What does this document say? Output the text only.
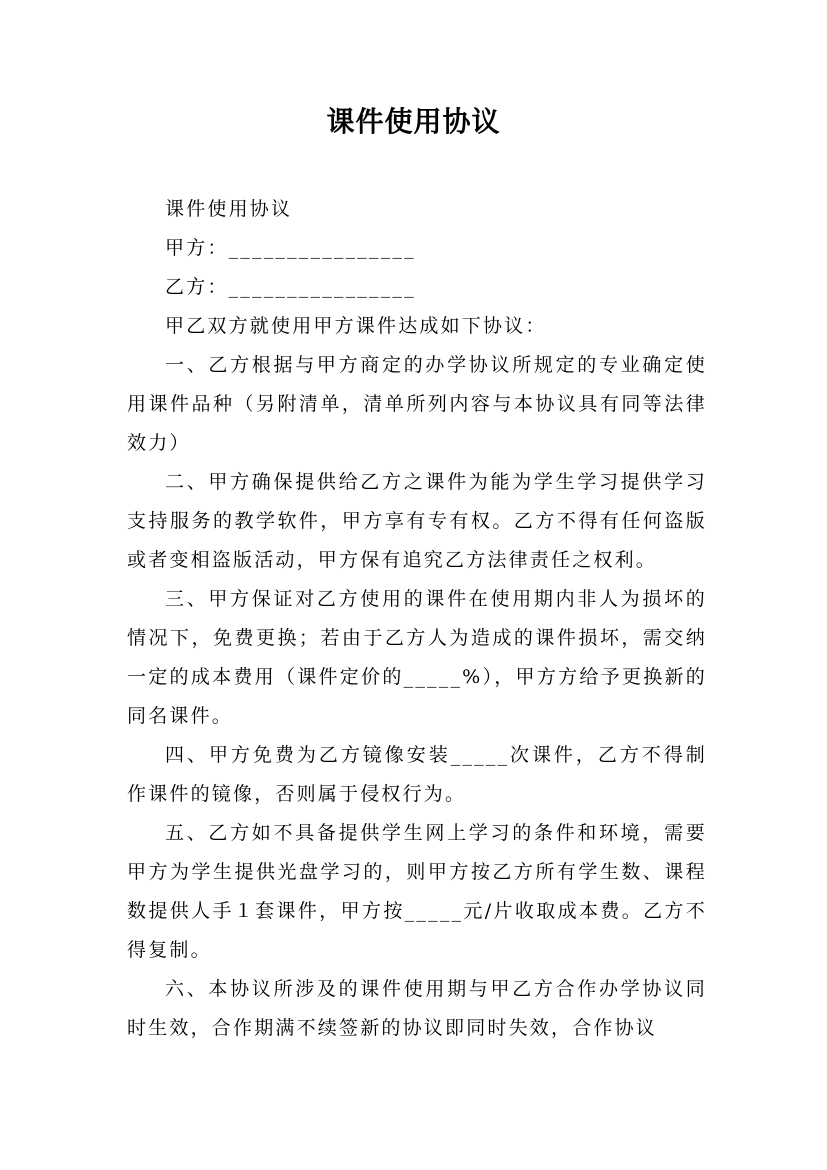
课件使用协议

课件使用协议

甲方：________________

乙方：________________

甲乙双方就使用甲方课件达成如下协议：

一、乙方根据与甲方商定的办学协议所规定的专业确定使用课件品种（另附清单，清单所列内容与本协议具有同等法律效力）

二、甲方确保提供给乙方之课件为能为学生学习提供学习支持服务的教学软件，甲方享有专有权。乙方不得有任何盗版或者变相盗版活动，甲方保有追究乙方法律责任之权利。

三、甲方保证对乙方使用的课件在使用期内非人为损坏的情况下，免费更换；若由于乙方人为造成的课件损坏，需交纳一定的成本费用（课件定价的_____%），甲方方给予更换新的同名课件。

四、甲方免费为乙方镜像安装_____次课件，乙方不得制作课件的镜像，否则属于侵权行为。

五、乙方如不具备提供学生网上学习的条件和环境，需要甲方为学生提供光盘学习的，则甲方按乙方所有学生数、课程数提供人手１套课件，甲方按_____元/片收取成本费。乙方不得复制。

六、本协议所涉及的课件使用期与甲乙方合作办学协议同时生效，合作期满不续签新的协议即同时失效，合作协议
